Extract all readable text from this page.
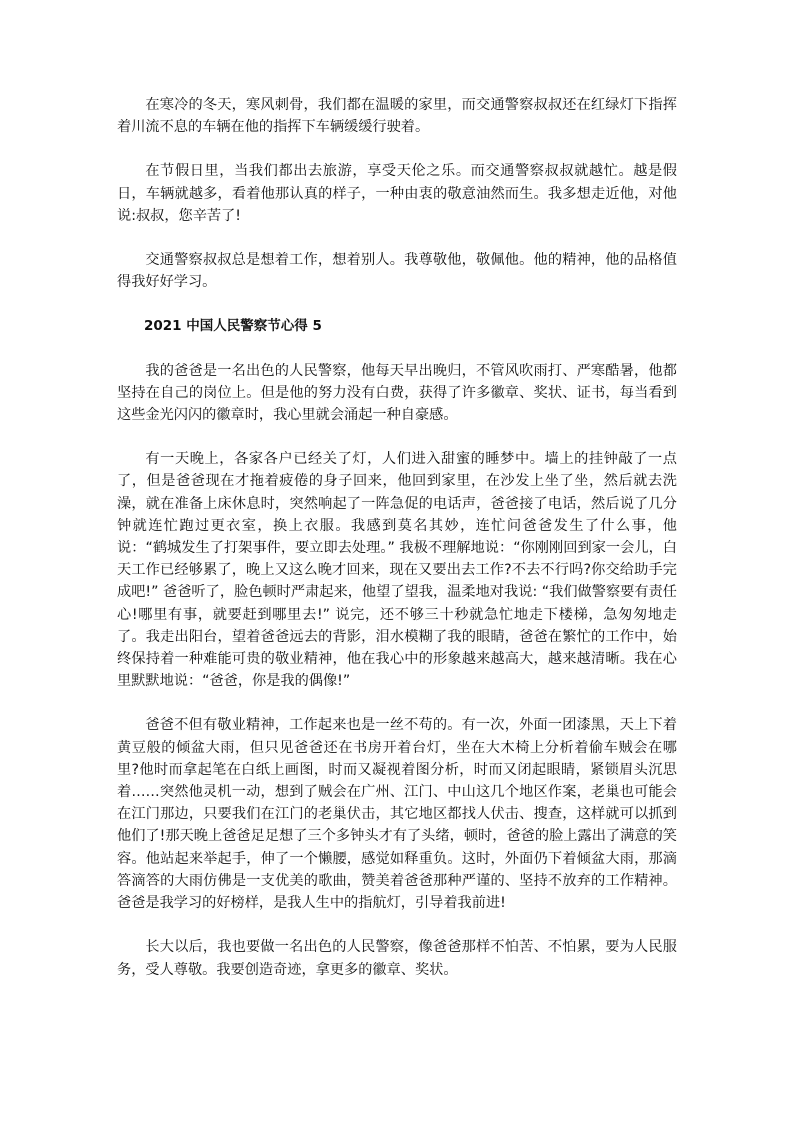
在寒冷的冬天，寒风刺骨，我们都在温暖的家里，而交通警察叔叔还在红绿灯下指挥着川流不息的车辆在他的指挥下车辆缓缓行驶着。

在节假日里，当我们都出去旅游，享受天伦之乐。而交通警察叔叔就越忙。越是假日，车辆就越多，看着他那认真的样子，一种由衷的敬意油然而生。我多想走近他，对他说:叔叔，您辛苦了!

交通警察叔叔总是想着工作，想着别人。我尊敬他，敬佩他。他的精神，他的品格值得我好好学习。

2021 中国人民警察节心得 5

我的爸爸是一名出色的人民警察，他每天早出晚归，不管风吹雨打、严寒酷暑，他都坚持在自己的岗位上。但是他的努力没有白费，获得了许多徽章、奖状、证书，每当看到这些金光闪闪的徽章时，我心里就会涌起一种自豪感。

有一天晚上，各家各户已经关了灯，人们进入甜蜜的睡梦中。墙上的挂钟敲了一点了，但是爸爸现在才拖着疲倦的身子回来，他回到家里，在沙发上坐了坐，然后就去洗澡，就在准备上床休息时，突然响起了一阵急促的电话声，爸爸接了电话，然后说了几分钟就连忙跑过更衣室，换上衣服。我感到莫名其妙，连忙问爸爸发生了什么事，他说：“鹤城发生了打架事件，要立即去处理。” 我极不理解地说：“你刚刚回到家一会儿，白天工作已经够累了，晚上又这么晚才回来，现在又要出去工作?不去不行吗?你交给助手完成吧!” 爸爸听了，脸色顿时严肃起来，他望了望我，温柔地对我说: “我们做警察要有责任心!哪里有事，就要赶到哪里去!” 说完，还不够三十秒就急忙地走下楼梯，急匆匆地走了。我走出阳台，望着爸爸远去的背影，泪水模糊了我的眼睛，爸爸在繁忙的工作中，始终保持着一种难能可贵的敬业精神，他在我心中的形象越来越高大，越来越清晰。我在心里默默地说：“爸爸，你是我的偶像!”

爸爸不但有敬业精神，工作起来也是一丝不苟的。有一次，外面一团漆黑，天上下着黄豆般的倾盆大雨，但只见爸爸还在书房开着台灯，坐在大木椅上分析着偷车贼会在哪里?他时而拿起笔在白纸上画图，时而又凝视着图分析，时而又闭起眼睛，紧锁眉头沉思着……突然他灵机一动，想到了贼会在广州、江门、中山这几个地区作案，老巢也可能会在江门那边，只要我们在江门的老巢伏击，其它地区都找人伏击、搜查，这样就可以抓到他们了!那天晚上爸爸足足想了三个多钟头才有了头绪，顿时，爸爸的脸上露出了满意的笑容。他站起来举起手，伸了一个懒腰，感觉如释重负。这时，外面仍下着倾盆大雨，那滴答滴答的大雨仿佛是一支优美的歌曲，赞美着爸爸那种严谨的、坚持不放弃的工作精神。爸爸是我学习的好榜样，是我人生中的指航灯，引导着我前进!

长大以后，我也要做一名出色的人民警察，像爸爸那样不怕苦、不怕累，要为人民服务，受人尊敬。我要创造奇迹，拿更多的徽章、奖状。
